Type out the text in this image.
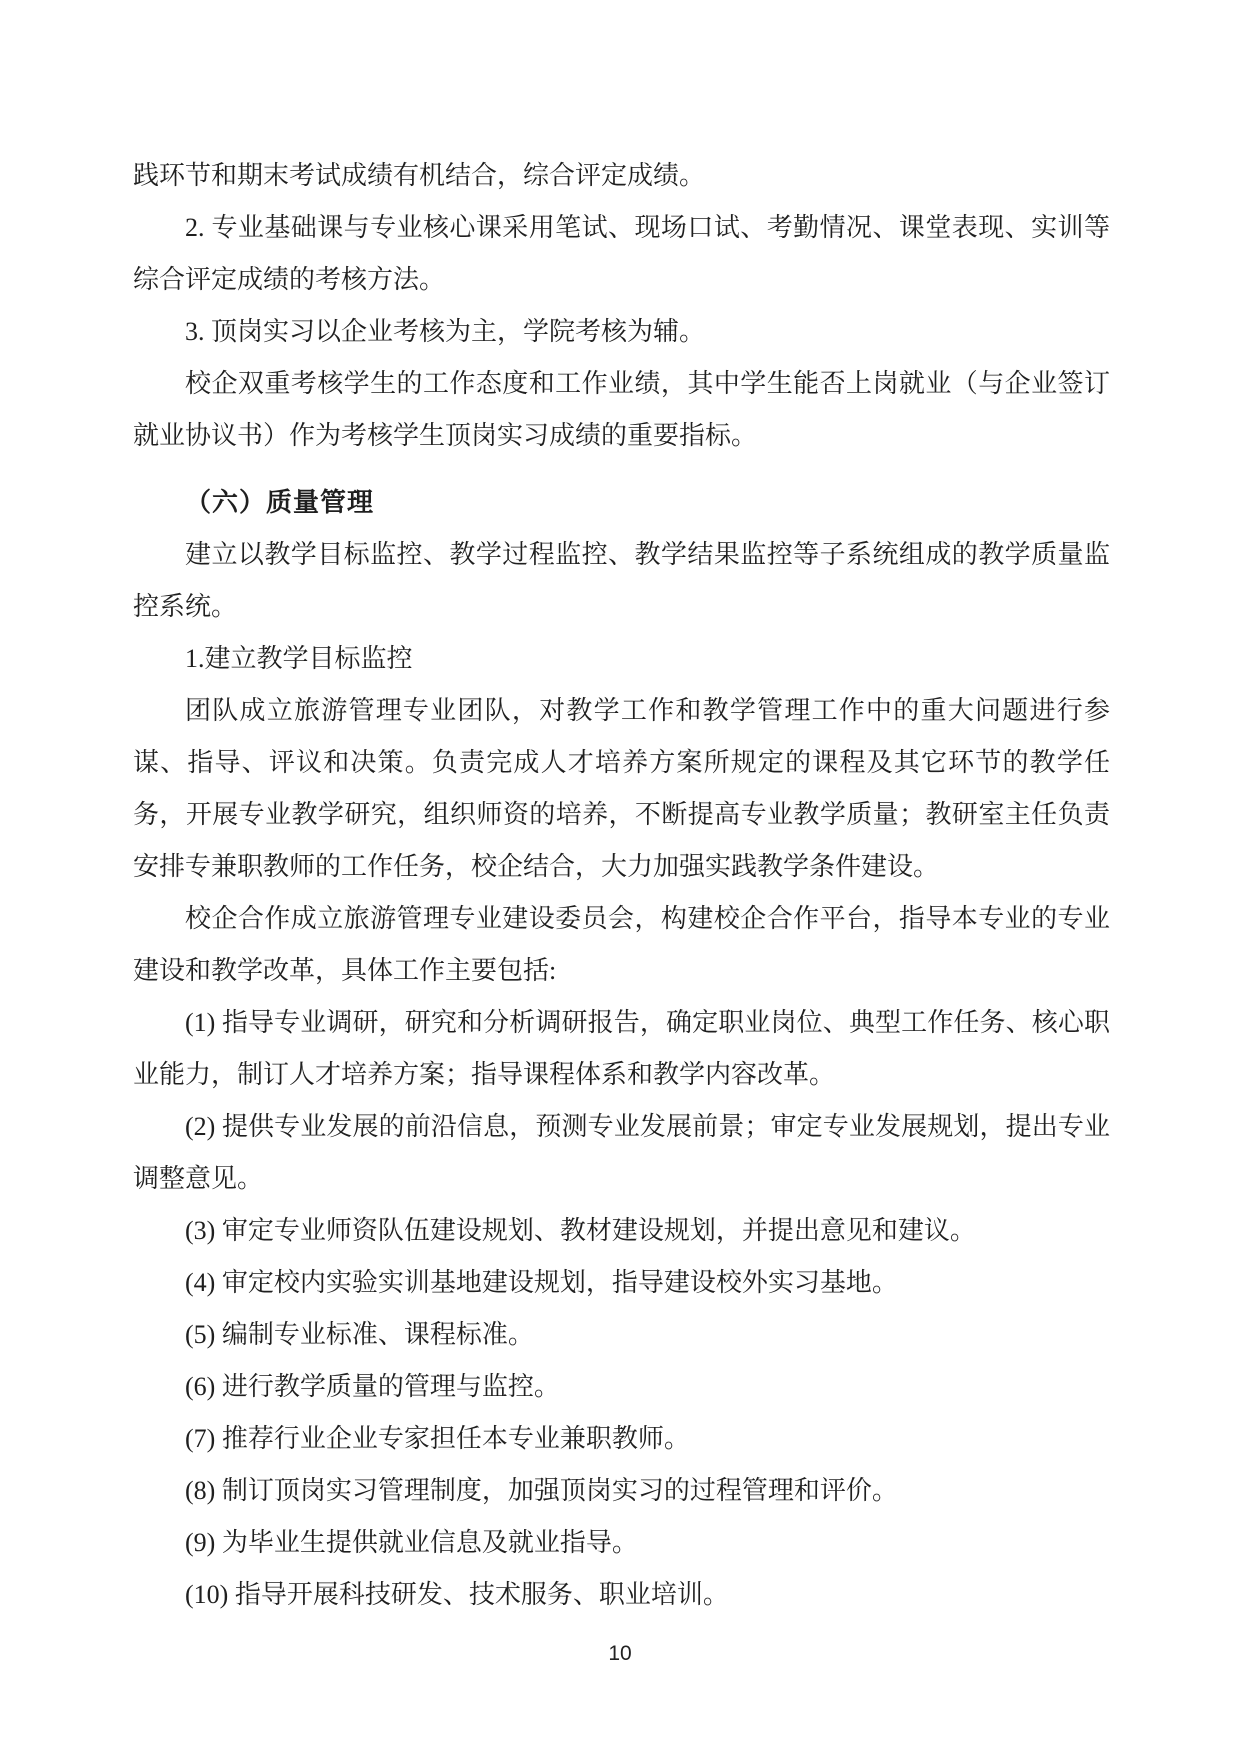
践环节和期末考试成绩有机结合，综合评定成绩。

2. 专业基础课与专业核心课采用笔试、现场口试、考勤情况、课堂表现、实训等综合评定成绩的考核方法。

3. 顶岗实习以企业考核为主，学院考核为辅。

校企双重考核学生的工作态度和工作业绩，其中学生能否上岗就业（与企业签订就业协议书）作为考核学生顶岗实习成绩的重要指标。

（六）质量管理

建立以教学目标监控、教学过程监控、教学结果监控等子系统组成的教学质量监控系统。

1.建立教学目标监控

团队成立旅游管理专业团队，对教学工作和教学管理工作中的重大问题进行参谋、指导、评议和决策。负责完成人才培养方案所规定的课程及其它环节的教学任务，开展专业教学研究，组织师资的培养，不断提高专业教学质量；教研室主任负责安排专兼职教师的工作任务，校企结合，大力加强实践教学条件建设。

校企合作成立旅游管理专业建设委员会，构建校企合作平台，指导本专业的专业建设和教学改革，具体工作主要包括:

(1) 指导专业调研，研究和分析调研报告，确定职业岗位、典型工作任务、核心职业能力，制订人才培养方案；指导课程体系和教学内容改革。

(2) 提供专业发展的前沿信息，预测专业发展前景；审定专业发展规划，提出专业调整意见。

(3) 审定专业师资队伍建设规划、教材建设规划，并提出意见和建议。

(4) 审定校内实验实训基地建设规划，指导建设校外实习基地。

(5) 编制专业标准、课程标准。

(6) 进行教学质量的管理与监控。

(7) 推荐行业企业专家担任本专业兼职教师。

(8) 制订顶岗实习管理制度，加强顶岗实习的过程管理和评价。

(9) 为毕业生提供就业信息及就业指导。

(10) 指导开展科技研发、技术服务、职业培训。

10
